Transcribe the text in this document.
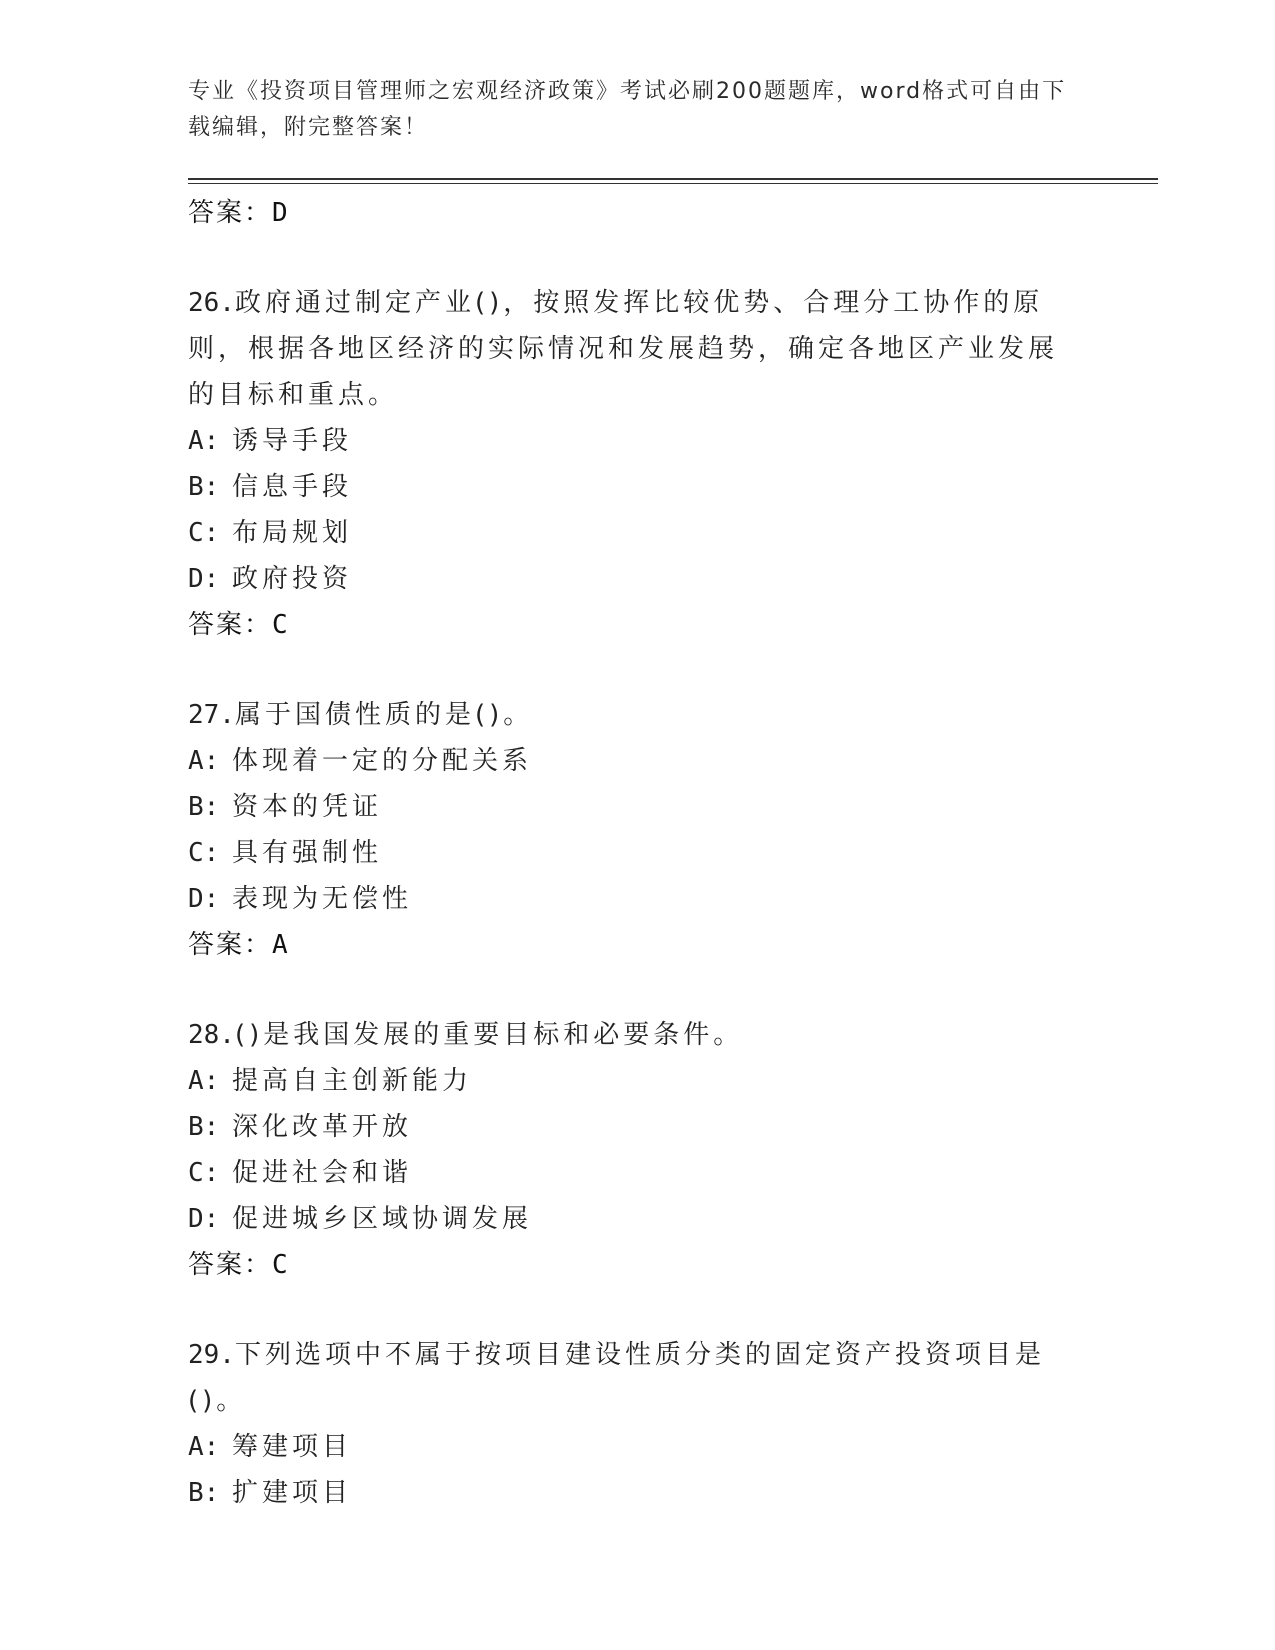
专业《投资项目管理师之宏观经济政策》考试必刷200题题库，word格式可自由下载编辑，附完整答案！
答案：D
26.政府通过制定产业()，按照发挥比较优势、合理分工协作的原则，根据各地区经济的实际情况和发展趋势，确定各地区产业发展的目标和重点。
A: 诱导手段
B: 信息手段
C: 布局规划
D: 政府投资
答案：C
27.属于国债性质的是()。
A: 体现着一定的分配关系
B: 资本的凭证
C: 具有强制性
D: 表现为无偿性
答案：A
28.()是我国发展的重要目标和必要条件。
A: 提高自主创新能力
B: 深化改革开放
C: 促进社会和谐
D: 促进城乡区域协调发展
答案：C
29.下列选项中不属于按项目建设性质分类的固定资产投资项目是()。
A: 筹建项目
B: 扩建项目
